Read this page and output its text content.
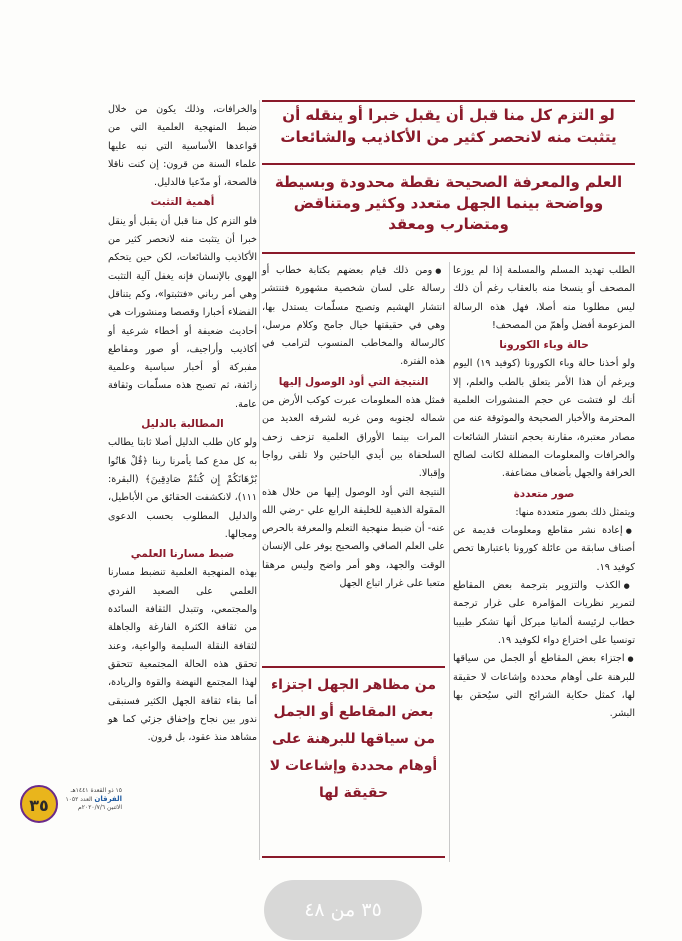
لو التزم كل منا قبل أن يقبل خبرا أو ينقله أن يتثبت منه لانحصر كثير من الأكاذيب والشائعات
العلم والمعرفة الصحيحة نقطة محدودة وبسيطة وواضحة بينما الجهل متعدد وكثير ومتناقض ومتضارب ومعقد

والخرافات، وذلك يكون من خلال ضبط المنهجية العلمية التي من قواعدها الأساسية التي نبه عليها علماء السنة من قرون: إن كنت ناقلا فالصحة، أو مدّعيا فالدليل.

أهمية التثبت

فلو التزم كل منا قبل أن يقبل أو ينقل خبرا أن يتثبت منه لانحصر كثير من الأكاذيب والشائعات، لكن حين يتحكم الهوى بالإنسان فإنه يغفل آلية التثبت وهي أمر رباني «فتثبتوا»، وكم يتناقل الفضلاء أخبارا وقصصا ومنشورات هي أحاديث ضعيفة أو أخطاء شرعية أو أكاذيب وأراجيف، أو صور ومقاطع مفبركة أو أخبار سياسية وعلمية زائفة، ثم تصبح هذه مسلّمات وثقافة عامة.

المطالبة بالدليل

ولو كان طلب الدليل أصلا ثابتا يطالب به كل مدع كما يأمرنا ربنا ﴿قُلْ هَاتُوا بُرْهَانَكُمْ إِن كُنتُمْ صَادِقِينَ﴾ (البقرة: ١١١)، لانكشفت الحقائق من الأباطيل، والدليل المطلوب بحسب الدعوى ومجالها.

ضبط مسارنا العلمي

بهذه المنهجية العلمية تنضبط مسارنا العلمي على الصعيد الفردي والمجتمعي، وتتبدل الثقافة السائدة من ثقافة الكثرة الفارغة والجاهلة لثقافة النقلة السليمة والواعية، وعند تحقق هذه الحالة المجتمعية تتحقق لهذا المجتمع النهضة والقوة والريادة، أما بقاء ثقافة الجهل الكثير فسنبقى ندور بين نجاح وإخفاق جزئي كما هو مشاهد منذ عقود، بل قرون.

● ومن ذلك قيام بعضهم بكتابة خطاب أو رسالة على لسان شخصية مشهورة فتنتشر انتشار الهشيم وتصبح مسلّمات يستدل بها، وهي في حقيقتها خيال جامح وكلام مرسل، كالرسالة والمخاطب المنسوب لترامب في هذه الفترة.

النتيجة التي أود الوصول إليها

فمثل هذه المعلومات عبرت كوكب الأرض من شماله لجنوبه ومن غربه لشرقه العديد من المرات بينما الأوراق العلمية تزحف زحف السلحفاة بين أيدي الباحثين ولا تلقى رواجا وإقبالا.

النتيجة التي أود الوصول إليها من خلال هذه المقولة الذهبية للخليفة الرابع علي -رضي الله عنه- أن ضبط منهجية التعلم والمعرفة بالحرص على العلم الصافي والصحيح يوفر على الإنسان الوقت والجهد، وهو أمر واضح وليس مرهقا متعبا على غرار اتباع الجهل

من مظاهر الجهل اجتزاء بعض المقاطع أو الجمل من سياقها للبرهنة على أوهام محددة وإشاعات لا حقيقة لها

الطلب تهديد المسلم والمسلمة إذا لم يوزعا المصحف أو ينسخا منه بالعقاب رغم أن ذلك ليس مطلوبا منه أصلا، فهل هذه الرسالة المزعومة أفضل وأهمّ من المصحف!

حالة وباء الكورونا

ولو أخذنا حالة وباء الكورونا (كوفيد ١٩) اليوم ويرغم أن هذا الأمر يتعلق بالطب والعلم، إلا أنك لو فتشت عن حجم المنشورات العلمية المحترمة والأخبار الصحيحة والموثوقة عنه من مصادر معتبرة، مقارنة بحجم انتشار الشائعات والخرافات والمعلومات المضللة لكانت لصالح الخرافة والجهل بأضعاف مضاعفة.

صور متعددة

ويتمثل ذلك بصور متعددة منها:

● إعادة نشر مقاطع ومعلومات قديمة عن أصناف سابقة من عائلة كورونا باعتبارها تخص كوفيد ١٩.

● الكذب والتزوير بترجمة بعض المقاطع لتمرير نظريات المؤامرة على غرار ترجمة خطاب لرئيسة ألمانيا ميركل أنها تشكر طبيبا تونسيا على اختراع دواء لكوفيد ١٩.

● اجتزاء بعض المقاطع أو الجمل من سياقها للبرهنة على أوهام محددة وإشاعات لا حقيقة لها، كمثل حكاية الشرائح التي سيُحقن بها البشر.

٣٥
١٥ ذو القعدة ١٤٤١هـ
الفرقان العدد ١٠٥٢
الاثنين ٢٠٢٠/٧/٦م
٣٥ من ٤٨
